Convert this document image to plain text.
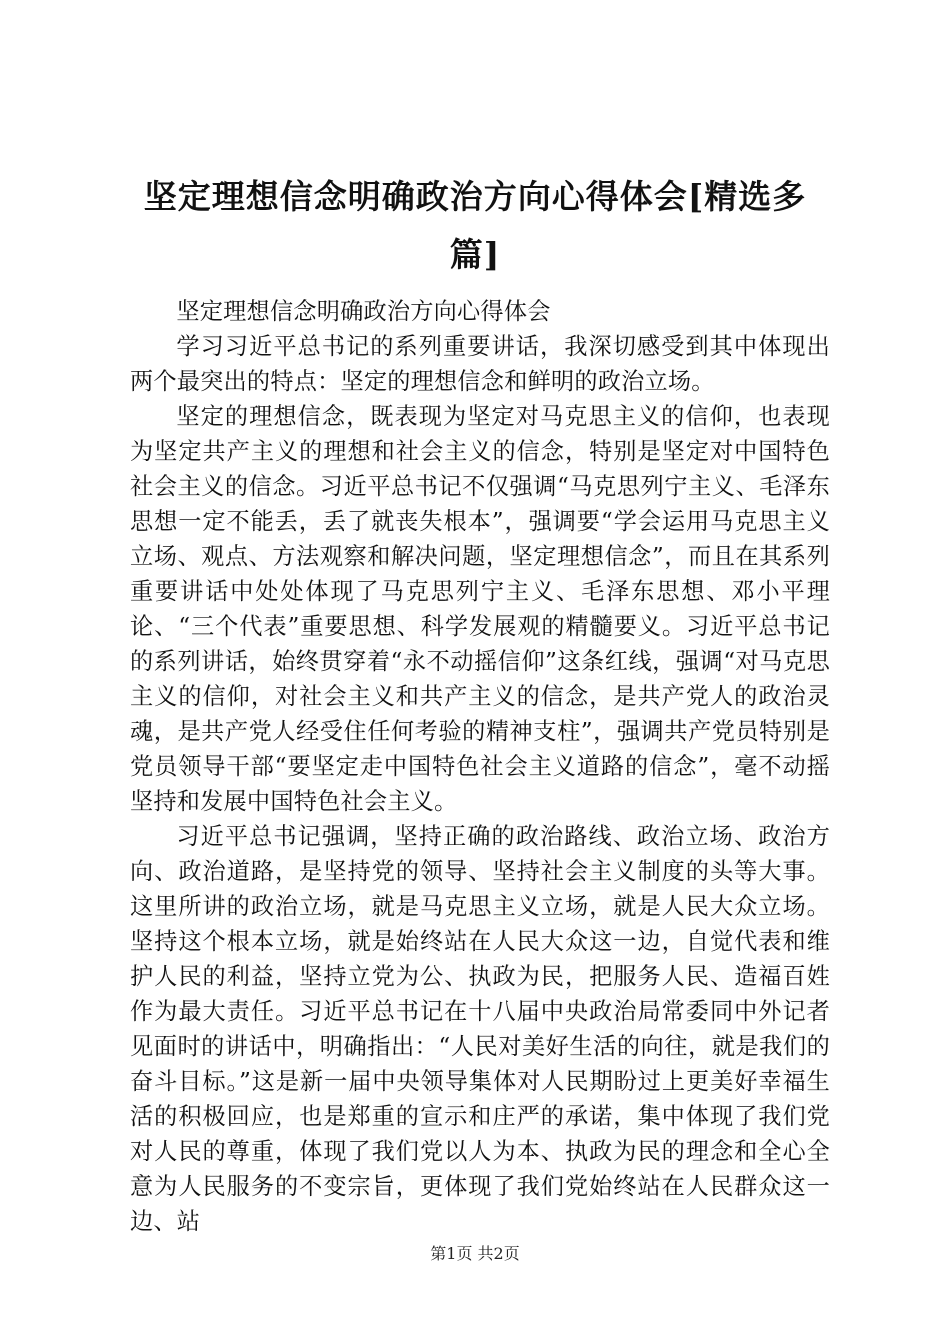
坚定理想信念明确政治方向心得体会[精选多篇]

坚定理想信念明确政治方向心得体会

学习习近平总书记的系列重要讲话，我深切感受到其中体现出两个最突出的特点：坚定的理想信念和鲜明的政治立场。

坚定的理想信念，既表现为坚定对马克思主义的信仰，也表现为坚定共产主义的理想和社会主义的信念，特别是坚定对中国特色社会主义的信念。习近平总书记不仅强调“马克思列宁主义、毛泽东思想一定不能丢，丢了就丧失根本”，强调要“学会运用马克思主义立场、观点、方法观察和解决问题，坚定理想信念”，而且在其系列重要讲话中处处体现了马克思列宁主义、毛泽东思想、邓小平理论、“三个代表”重要思想、科学发展观的精髓要义。习近平总书记的系列讲话，始终贯穿着“永不动摇信仰”这条红线，强调“对马克思主义的信仰，对社会主义和共产主义的信念，是共产党人的政治灵魂，是共产党人经受住任何考验的精神支柱”，强调共产党员特别是党员领导干部“要坚定走中国特色社会主义道路的信念”，毫不动摇坚持和发展中国特色社会主义。

习近平总书记强调，坚持正确的政治路线、政治立场、政治方向、政治道路，是坚持党的领导、坚持社会主义制度的头等大事。这里所讲的政治立场，就是马克思主义立场，就是人民大众立场。坚持这个根本立场，就是始终站在人民大众这一边，自觉代表和维护人民的利益，坚持立党为公、执政为民，把服务人民、造福百姓作为最大责任。习近平总书记在十八届中央政治局常委同中外记者见面时的讲话中，明确指出：“人民对美好生活的向往，就是我们的奋斗目标。”这是新一届中央领导集体对人民期盼过上更美好幸福生活的积极回应，也是郑重的宣示和庄严的承诺，集中体现了我们党对人民的尊重，体现了我们党以人为本、执政为民的理念和全心全意为人民服务的不变宗旨，更体现了我们党始终站在人民群众这一边、站

第1页 共2页
